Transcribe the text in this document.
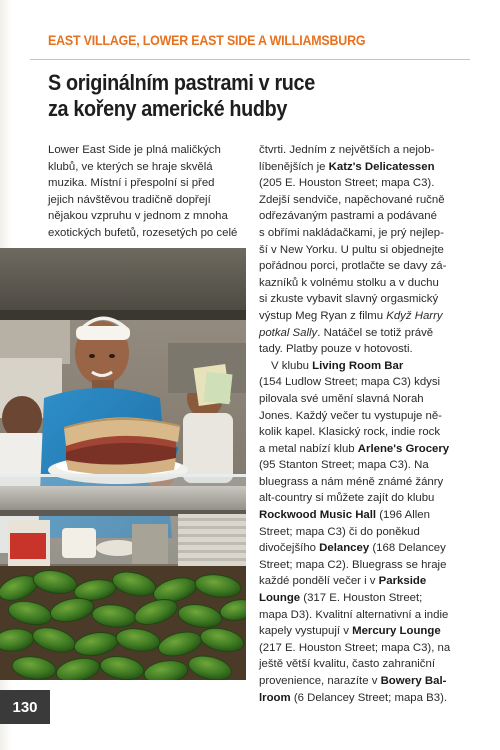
EAST VILLAGE, LOWER EAST SIDE A WILLIAMSBURG
S originálním pastrami v ruce
za kořeny americké hudby
Lower East Side je plná maličkých
klubů, ve kterých se hraje skvělá
muzika. Místní i přespolní si před
jejich návštěvou tradičně dopřejí
nějakou vzpruhu v jednom z mnoha
exotických bufetů, rozesetých po celé
čtvrti. Jedním z největších a nejob-
líbenějších je Katz's Delicatessen
(205 E. Houston Street; mapa C3).
Zdejší sendviče, napěchované ručně
odřezávaným pastrami a podávané
s obřími nakládačkami, je prý nejlep-
ší v New Yorku. U pultu si objednejte
pořádnou porci, protlačte se davy zá-
kazníků k volnému stolku a v duchu
si zkuste vybavit slavný orgasmický
výstup Meg Ryan z filmu Když Harry
potkal Sally. Natáčel se totiž právě
tady. Platby pouze v hotovosti.
V klubu Living Room Bar
(154 Ludlow Street; mapa C3) kdysi
pilovala své umění slavná Norah
Jones. Každý večer tu vystupuje ně-
kolik kapel. Klasický rock, indie rock
a metal nabízí klub Arlene's Grocery
(95 Stanton Street; mapa C3). Na
bluegrass a nám méně známé žánry
alt-country si můžete zajít do klubu
Rockwood Music Hall (196 Allen
Street; mapa C3) či do poněkud
divočejšího Delancey (168 Delancey
Street; mapa C2). Bluegrass se hraje
každé pondělí večer i v Parkside
Lounge (317 E. Houston Street;
mapa D3). Kvalitní alternativní a indie
kapely vystupují v Mercury Lounge
(217 E. Houston Street; mapa C3), na
ještě větší kvalitu, často zahraniční
provenience, narazíte v Bowery Bal-
lroom (6 Delancey Street; mapa B3).
130
